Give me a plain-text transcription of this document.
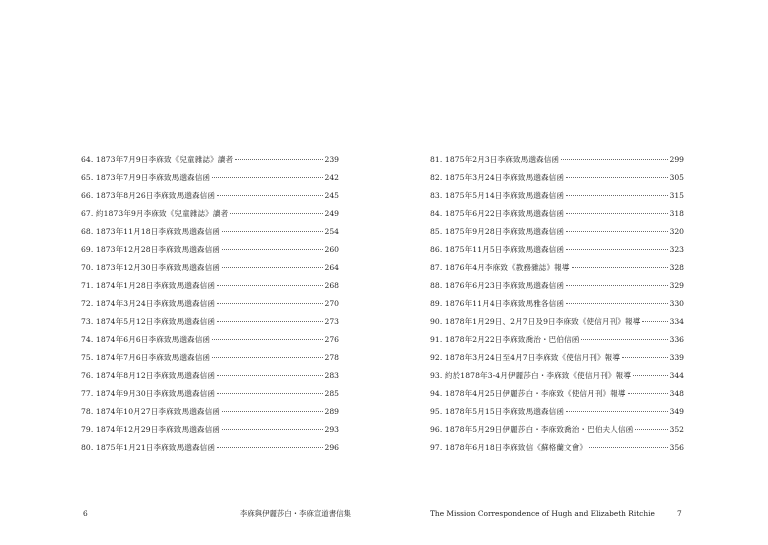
64. 1873年7月9日李庥致《兒童雜誌》讀者	239
65. 1873年7月9日李庥致馬邈森信函	242
66. 1873年8月26日李庥致馬邈森信函	245
67. 約1873年9月李庥致《兒童雜誌》讀者	249
68. 1873年11月18日李庥致馬邈森信函	254
69. 1873年12月28日李庥致馬邈森信函	260
70. 1873年12月30日李庥致馬邈森信函	264
71. 1874年1月28日李庥致馬邈森信函	268
72. 1874年3月24日李庥致馬邈森信函	270
73. 1874年5月12日李庥致馬邈森信函	273
74. 1874年6月6日李庥致馬邈森信函	276
75. 1874年7月6日李庥致馬邈森信函	278
76. 1874年8月12日李庥致馬邈森信函	283
77. 1874年9月30日李庥致馬邈森信函	285
78. 1874年10月27日李庥致馬邈森信函	289
79. 1874年12月29日李庥致馬邈森信函	293
80. 1875年1月21日李庥致馬邈森信函	296
6	李庥與伊麗莎白・李庥宣道書信集
81. 1875年2月3日李庥致馬邈森信函	299
82. 1875年3月24日李庥致馬邈森信函	305
83. 1875年5月14日李庥致馬邈森信函	315
84. 1875年6月22日李庥致馬邈森信函	318
85. 1875年9月28日李庥致馬邈森信函	320
86. 1875年11月5日李庥致馬邈森信函	323
87. 1876年4月李庥致《教務雜誌》報導	328
88. 1876年6月23日李庥致馬邈森信函	329
89. 1876年11月4日李庥致馬雅各信函	330
90. 1878年1月29日、2月7日及9日李庥致《使信月刊》報導	334
91. 1878年2月22日李庥致喬治・巴伯信函	336
92. 1878年3月24日至4月7日李庥致《使信月刊》報導	339
93. 約於1878年3-4月伊麗莎白・李庥致《使信月刊》報導	344
94. 1878年4月25日伊麗莎白・李庥致《使信月刊》報導	348
95. 1878年5月15日李庥致馬邈森信函	349
96. 1878年5月29日伊麗莎白・李庥致喬治・巴伯夫人信函	352
97. 1878年6月18日李庥致信《蘇格蘭文會》	356
The Mission Correspondence of Hugh and Elizabeth Ritchie	7
